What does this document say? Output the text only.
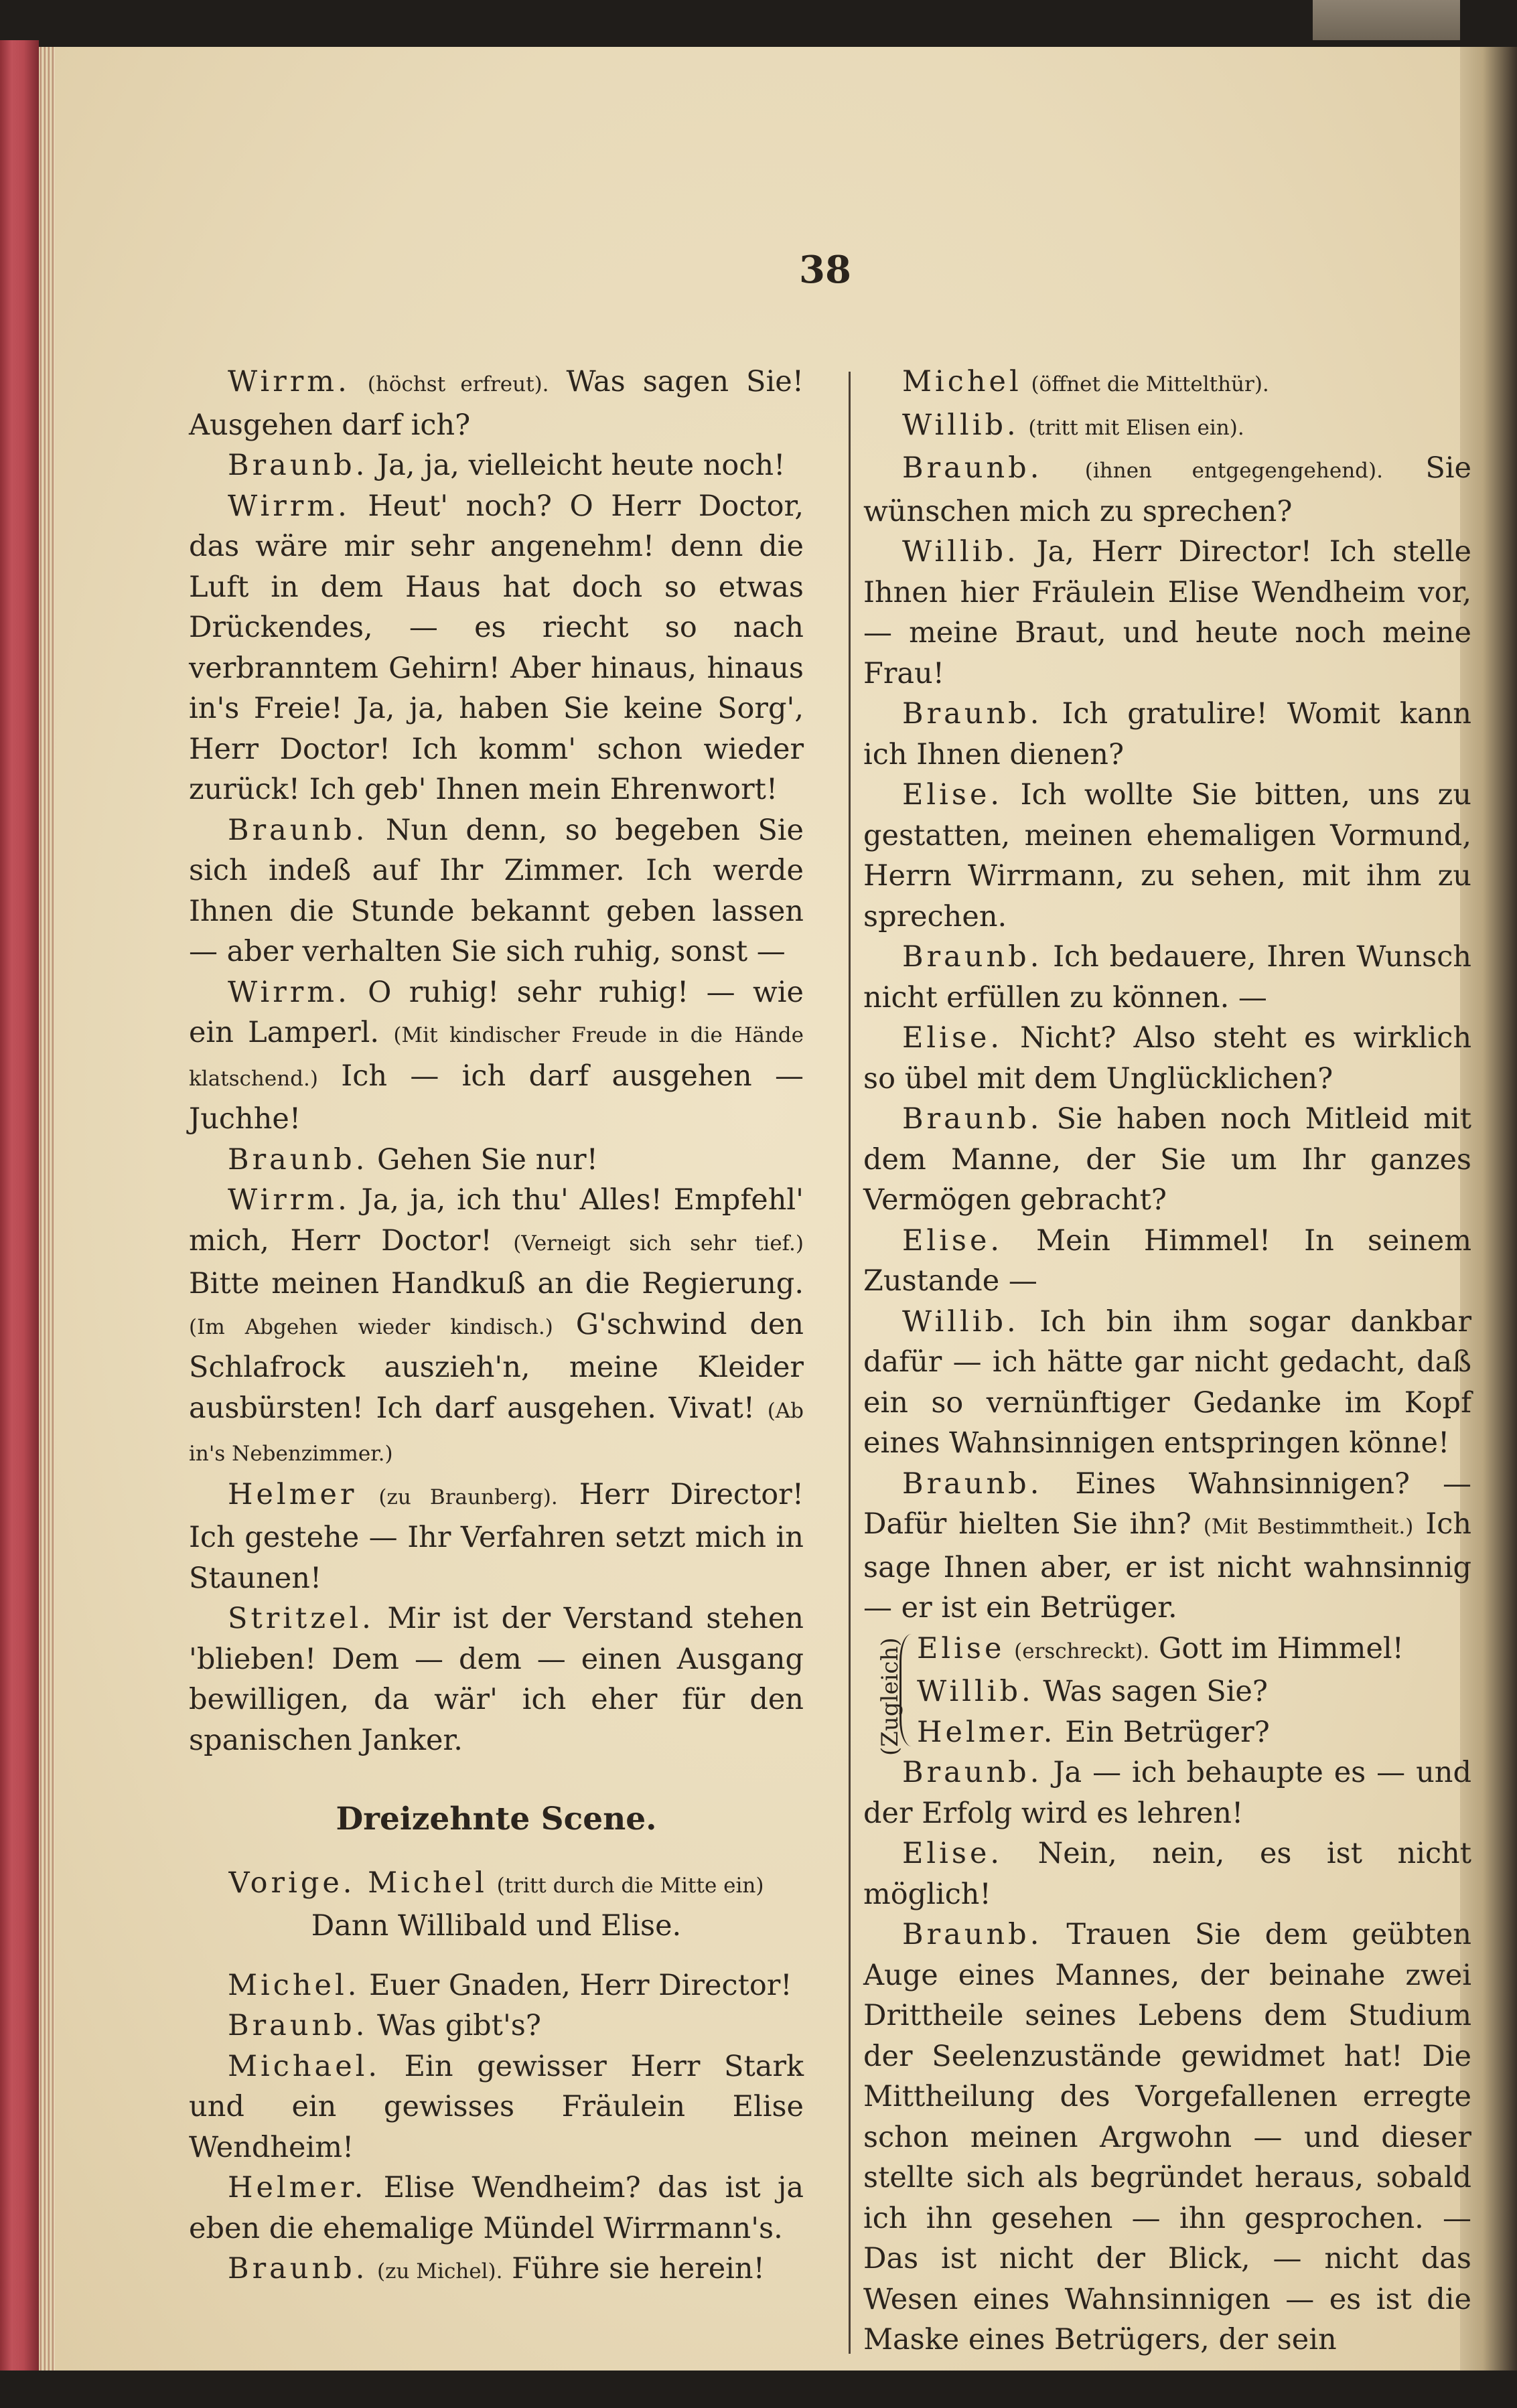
38

Wirrm. (höchst erfreut). Was sagen Sie! Ausgehen darf ich?

Braunb. Ja, ja, vielleicht heute noch!

Wirrm. Heut' noch? O Herr Doctor, das wäre mir sehr angenehm! denn die Luft in dem Haus hat doch so etwas Drückendes, — es riecht so nach verbranntem Gehirn! Aber hinaus, hinaus in's Freie! Ja, ja, haben Sie keine Sorg', Herr Doctor! Ich komm' schon wieder zurück! Ich geb' Ihnen mein Ehrenwort!

Braunb. Nun denn, so begeben Sie sich indeß auf Ihr Zimmer. Ich werde Ihnen die Stunde bekannt geben lassen — aber verhalten Sie sich ruhig, sonst —

Wirrm. O ruhig! sehr ruhig! — wie ein Lamperl. (Mit kindischer Freude in die Hände klatschend.) Ich — ich darf ausgehen — Juchhe!

Braunb. Gehen Sie nur!

Wirrm. Ja, ja, ich thu' Alles! Empfehl' mich, Herr Doctor! (Verneigt sich sehr tief.) Bitte meinen Handkuß an die Regierung. (Im Abgehen wieder kindisch.) G'schwind den Schlafrock auszieh'n, meine Kleider ausbürsten! Ich darf ausgehen. Vivat! (Ab in's Nebenzimmer.)

Helmer (zu Braunberg). Herr Director! Ich gestehe — Ihr Verfahren setzt mich in Staunen!

Stritzel. Mir ist der Verstand stehen 'blieben! Dem — dem — einen Ausgang bewilligen, da wär' ich eher für den spanischen Janker.

Dreizehnte Scene.

Vorige. Michel (tritt durch die Mitte ein)

Dann Willibald und Elise.

Michel. Euer Gnaden, Herr Director!

Braunb. Was gibt's?

Michael. Ein gewisser Herr Stark und ein gewisses Fräulein Elise Wendheim!

Helmer. Elise Wendheim? das ist ja eben die ehemalige Mündel Wirrmann's.

Braunb. (zu Michel). Führe sie herein!

Michel (öffnet die Mittelthür).

Willib. (tritt mit Elisen ein).

Braunb. (ihnen entgegengehend). Sie wünschen mich zu sprechen?

Willib. Ja, Herr Director! Ich stelle Ihnen hier Fräulein Elise Wendheim vor, — meine Braut, und heute noch meine Frau!

Braunb. Ich gratulire! Womit kann ich Ihnen dienen?

Elise. Ich wollte Sie bitten, uns zu gestatten, meinen ehemaligen Vormund, Herrn Wirrmann, zu sehen, mit ihm zu sprechen.

Braunb. Ich bedauere, Ihren Wunsch nicht erfüllen zu können. —

Elise. Nicht? Also steht es wirklich so übel mit dem Unglücklichen?

Braunb. Sie haben noch Mitleid mit dem Manne, der Sie um Ihr ganzes Vermögen gebracht?

Elise. Mein Himmel! In seinem Zustande —

Willib. Ich bin ihm sogar dankbar dafür — ich hätte gar nicht gedacht, daß ein so vernünftiger Gedanke im Kopf eines Wahnsinnigen entspringen könne!

Braunb. Eines Wahnsinnigen? — Dafür hielten Sie ihn? (Mit Bestimmtheit.) Ich sage Ihnen aber, er ist nicht wahnsinnig — er ist ein Betrüger.

(Zugleich) Elise (erschreckt). Gott im Himmel!

Willib. Was sagen Sie?

Helmer. Ein Betrüger?

Braunb. Ja — ich behaupte es — und der Erfolg wird es lehren!

Elise. Nein, nein, es ist nicht möglich!

Braunb. Trauen Sie dem geübten Auge eines Mannes, der beinahe zwei Drittheile seines Lebens dem Studium der Seelenzustände gewidmet hat! Die Mittheilung des Vorgefallenen erregte schon meinen Argwohn — und dieser stellte sich als begründet heraus, sobald ich ihn gesehen — ihn gesprochen. — Das ist nicht der Blick, — nicht das Wesen eines Wahnsinnigen — es ist die Maske eines Betrügers, der sein
